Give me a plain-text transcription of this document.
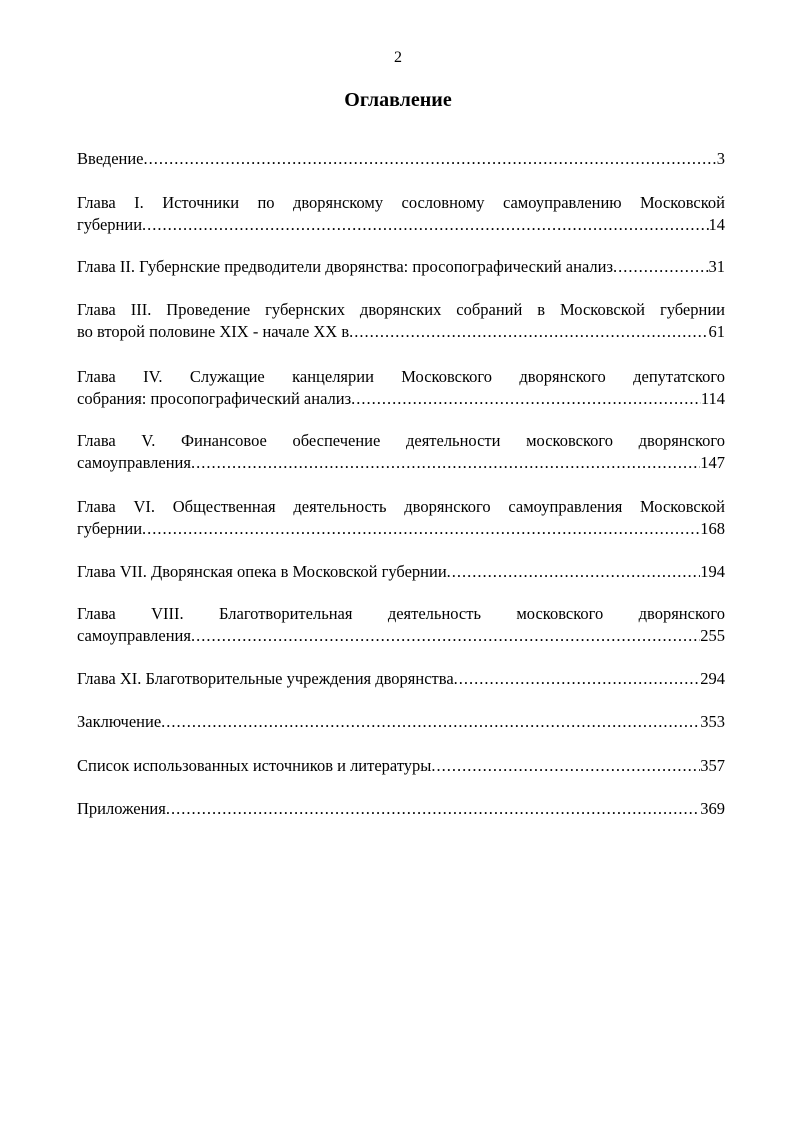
2
Оглавление
Введение .....	3
Глава I. Источники по дворянскому сословному самоуправлению Московской
губернии .....	14
Глава II. Губернские предводители дворянства: просопографический анализ .....	31
Глава III. Проведение губернских дворянских собраний в Московской губернии
во второй половине XIX - начале XX в .....	61
Глава IV. Служащие канцелярии Московского дворянского депутатского
собрания: просопографический анализ .....	114
Глава V. Финансовое обеспечение деятельности московского дворянского
самоуправления .....	147
Глава VI. Общественная деятельность дворянского самоуправления Московской
губернии .....	168
Глава VII. Дворянская опека в Московской губернии .....	194
Глава VIII. Благотворительная деятельность московского дворянского
самоуправления .....	255
Глава XI. Благотворительные учреждения дворянства .....	294
Заключение .....	353
Список использованных источников и литературы .....	357
Приложения .....	369
